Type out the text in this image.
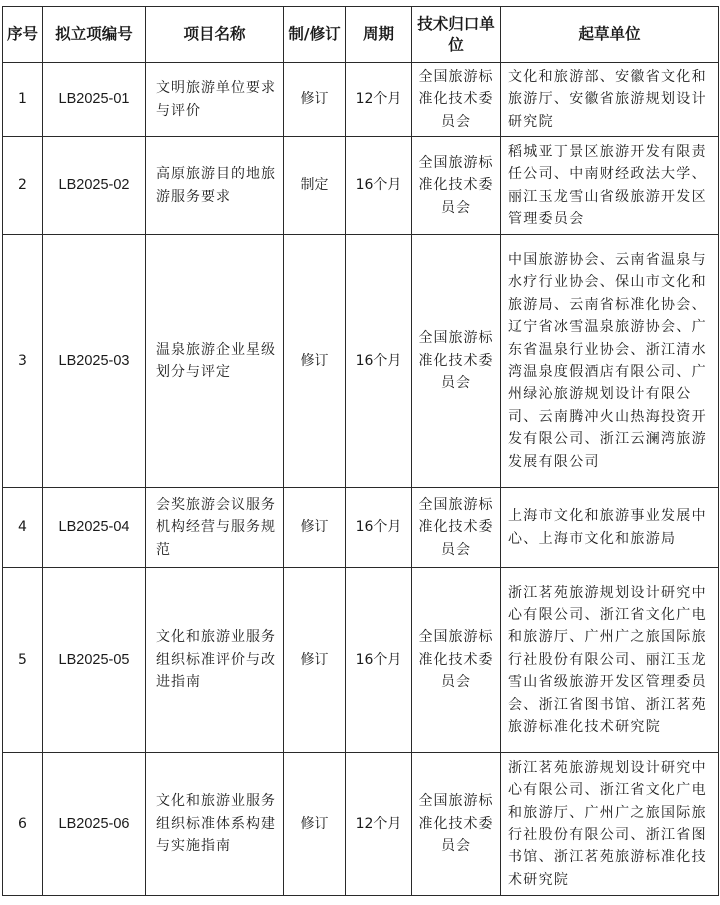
序号	拟立项编号	项目名称	制/修订	周期	技术归口单位	起草单位
1	LB2025-01	文明旅游单位要求与评价	修订	12个月	全国旅游标准化技术委员会	文化和旅游部、安徽省文化和旅游厅、安徽省旅游规划设计研究院
2	LB2025-02	高原旅游目的地旅游服务要求	制定	16个月	全国旅游标准化技术委员会	稻城亚丁景区旅游开发有限责任公司、中南财经政法大学、丽江玉龙雪山省级旅游开发区管理委员会
3	LB2025-03	温泉旅游企业星级划分与评定	修订	16个月	全国旅游标准化技术委员会	中国旅游协会、云南省温泉与水疗行业协会、保山市文化和旅游局、云南省标准化协会、辽宁省冰雪温泉旅游协会、广东省温泉行业协会、浙江清水湾温泉度假酒店有限公司、广州绿沁旅游规划设计有限公司、云南腾冲火山热海投资开发有限公司、浙江云澜湾旅游发展有限公司
4	LB2025-04	会奖旅游会议服务机构经营与服务规范	修订	16个月	全国旅游标准化技术委员会	上海市文化和旅游事业发展中心、上海市文化和旅游局
5	LB2025-05	文化和旅游业服务组织标准评价与改进指南	修订	16个月	全国旅游标准化技术委员会	浙江茗苑旅游规划设计研究中心有限公司、浙江省文化广电和旅游厅、广州广之旅国际旅行社股份有限公司、丽江玉龙雪山省级旅游开发区管理委员会、浙江省图书馆、浙江茗苑旅游标准化技术研究院
6	LB2025-06	文化和旅游业服务组织标准体系构建与实施指南	修订	12个月	全国旅游标准化技术委员会	浙江茗苑旅游规划设计研究中心有限公司、浙江省文化广电和旅游厅、广州广之旅国际旅行社股份有限公司、浙江省图书馆、浙江茗苑旅游标准化技术研究院
